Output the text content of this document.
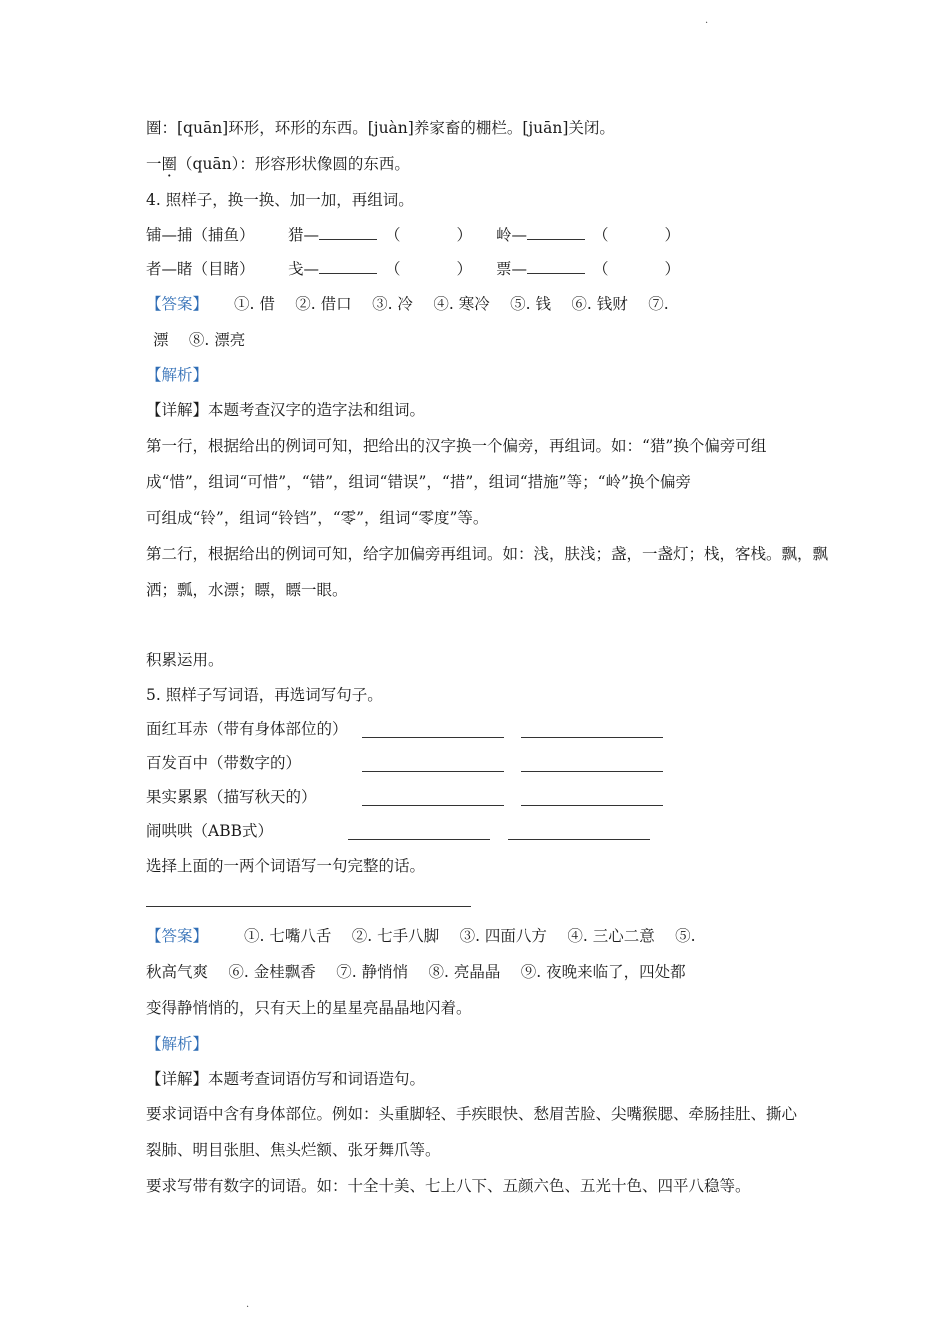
·
圈：[quān]环形，环形的东西。[juàn]养家畜的棚栏。[juān]关闭。
一圈（quān）：形容形状像圆的东西。
4. 照样子，换一换、加一加，再组词。
铺—捕（捕鱼） 猎—	（	） 岭—	（	）
者—睹（目睹） 戋—	（	） 票—	（	）
【答案】 ①. 借　 ②. 借口　 ③. 冷　 ④. 寒冷　 ⑤. 钱　 ⑥. 钱财　 ⑦.
漂　 ⑧. 漂亮
【解析】
【详解】本题考查汉字的造字法和组词。
第一行，根据给出的例词可知，把给出的汉字换一个偏旁，再组词。如：“猎”换个偏旁可组
成“惜”，组词“可惜”，“错”，组词“错误”，“措”，组词“措施”等；“岭”换个偏旁
可组成“铃”，组词“铃铛”，“零”，组词“零度”等。
第二行，根据给出的例词可知，给字加偏旁再组词。如：浅，肤浅；盏，一盏灯；栈，客栈。飘，飘
洒；瓢，水漂；瞟，瞟一眼。
积累运用。
5. 照样子写词语，再选词写句子。
面红耳赤（带有身体部位的）
百发百中（带数字的）
果实累累（描写秋天的）
闹哄哄（ABB式）
选择上面的一两个词语写一句完整的话。
【答案】 ①. 七嘴八舌　 ②. 七手八脚　 ③. 四面八方　 ④. 三心二意　 ⑤.
秋高气爽　 ⑥. 金桂飘香　 ⑦. 静悄悄　 ⑧. 亮晶晶　 ⑨. 夜晚来临了，四处都
变得静悄悄的，只有天上的星星亮晶晶地闪着。
【解析】
【详解】本题考查词语仿写和词语造句。
要求词语中含有身体部位。例如：头重脚轻、手疾眼快、愁眉苦脸、尖嘴猴腮、牵肠挂肚、撕心
裂肺、明目张胆、焦头烂额、张牙舞爪等。
要求写带有数字的词语。如：十全十美、七上八下、五颜六色、五光十色、四平八稳等。
·
